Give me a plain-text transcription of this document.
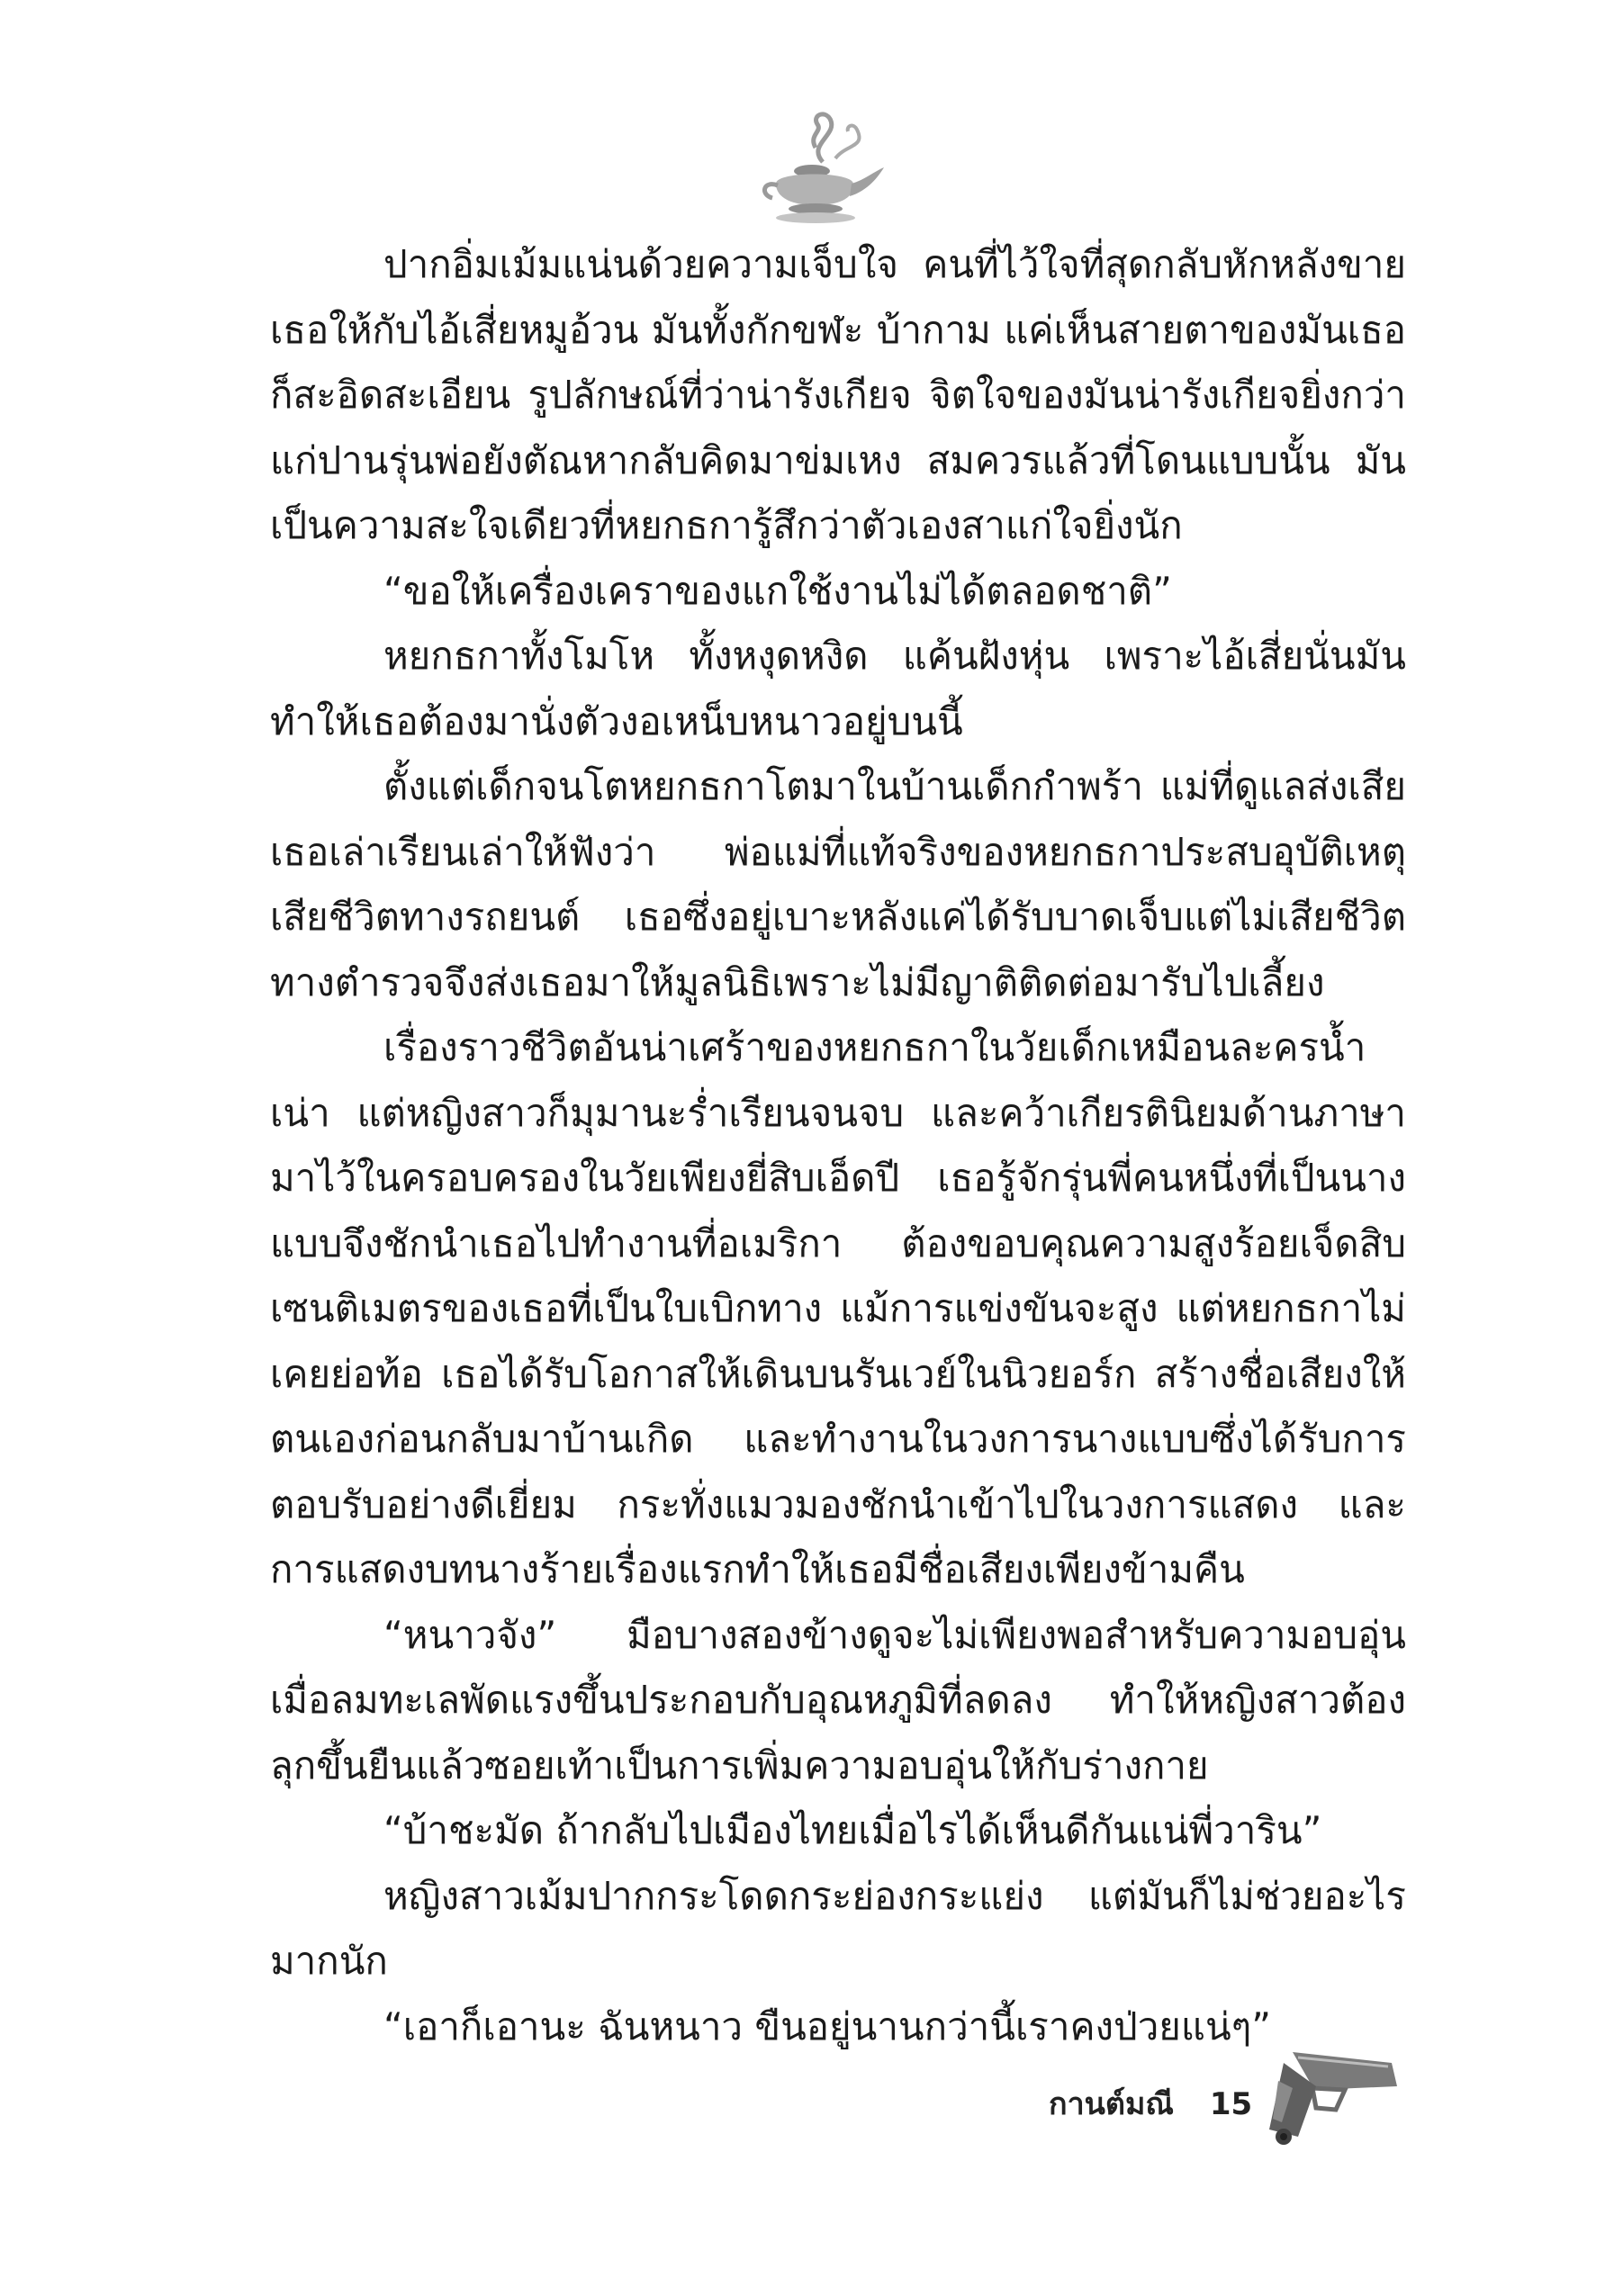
ปากอิ่มเม้มแน่นด้วยความเจ็บใจ คนที่ไว้ใจที่สุดกลับหักหลังขายเธอให้กับไอ้เสี่ยหมูอ้วน มันทั้งกักขฬะ บ้ากาม แค่เห็นสายตาของมันเธอก็สะอิดสะเอียน รูปลักษณ์ที่ว่าน่ารังเกียจ จิตใจของมันน่ารังเกียจยิ่งกว่า แก่ปานรุ่นพ่อยังตัณหากลับคิดมาข่มเหง สมควรแล้วที่โดนแบบนั้น มันเป็นความสะใจเดียวที่หยกธการู้สึกว่าตัวเองสาแก่ใจยิ่งนัก

“ขอให้เครื่องเคราของแกใช้งานไม่ได้ตลอดชาติ”

หยกธกาทั้งโมโห ทั้งหงุดหงิด แค้นฝังหุ่น เพราะไอ้เสี่ยนั่นมันทำให้เธอต้องมานั่งตัวงอเหน็บหนาวอยู่บนนี้

ตั้งแต่เด็กจนโตหยกธกาโตมาในบ้านเด็กกำพร้า แม่ที่ดูแลส่งเสียเธอเล่าเรียนเล่าให้ฟังว่า พ่อแม่ที่แท้จริงของหยกธกาประสบอุบัติเหตุเสียชีวิตทางรถยนต์ เธอซึ่งอยู่เบาะหลังแค่ได้รับบาดเจ็บแต่ไม่เสียชีวิต ทางตำรวจจึงส่งเธอมาให้มูลนิธิเพราะไม่มีญาติติดต่อมารับไปเลี้ยง

เรื่องราวชีวิตอันน่าเศร้าของหยกธกาในวัยเด็กเหมือนละครน้ำเน่า แต่หญิงสาวก็มุมานะร่ำเรียนจนจบ และคว้าเกียรตินิยมด้านภาษามาไว้ในครอบครองในวัยเพียงยี่สิบเอ็ดปี เธอรู้จักรุ่นพี่คนหนึ่งที่เป็นนางแบบจึงชักนำเธอไปทำงานที่อเมริกา ต้องขอบคุณความสูงร้อยเจ็ดสิบเซนติเมตรของเธอที่เป็นใบเบิกทาง แม้การแข่งขันจะสูง แต่หยกธกาไม่เคยย่อท้อ เธอได้รับโอกาสให้เดินบนรันเวย์ในนิวยอร์ก สร้างชื่อเสียงให้ตนเองก่อนกลับมาบ้านเกิด และทำงานในวงการนางแบบซึ่งได้รับการตอบรับอย่างดีเยี่ยม กระทั่งแมวมองชักนำเข้าไปในวงการแสดง และการแสดงบทนางร้ายเรื่องแรกทำให้เธอมีชื่อเสียงเพียงข้ามคืน

“หนาวจัง” มือบางสองข้างดูจะไม่เพียงพอสำหรับความอบอุ่น เมื่อลมทะเลพัดแรงขึ้นประกอบกับอุณหภูมิที่ลดลง ทำให้หญิงสาวต้องลุกขึ้นยืนแล้วซอยเท้าเป็นการเพิ่มความอบอุ่นให้กับร่างกาย

“บ้าชะมัด ถ้ากลับไปเมืองไทยเมื่อไรได้เห็นดีกันแน่พี่วาริน”

หญิงสาวเม้มปากกระโดดกระย่องกระแย่ง แต่มันก็ไม่ช่วยอะไรมากนัก

“เอาก็เอานะ ฉันหนาว ขืนอยู่นานกว่านี้เราคงป่วยแน่ๆ”

กานต์มณี 15
